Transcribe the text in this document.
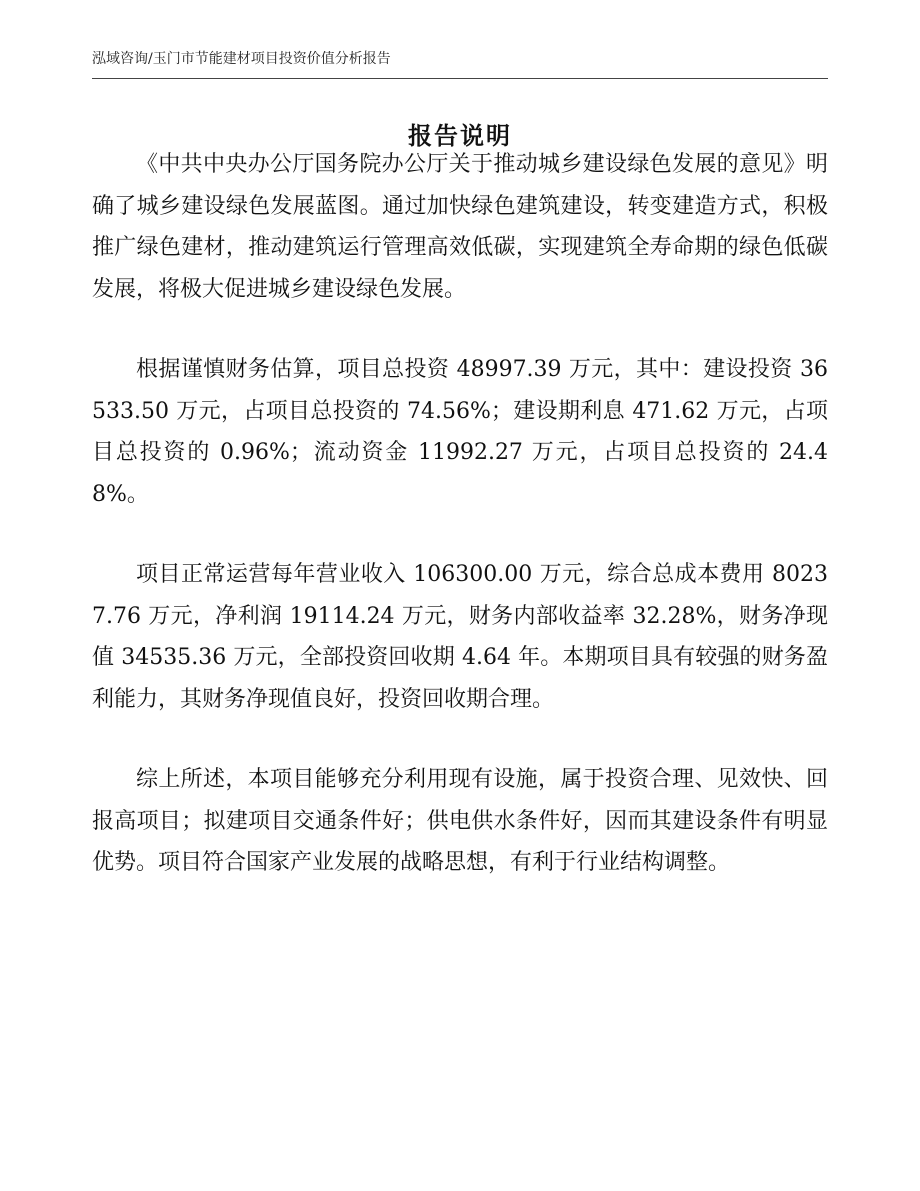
泓域咨询/玉门市节能建材项目投资价值分析报告
报告说明

《中共中央办公厅国务院办公厅关于推动城乡建设绿色发展的意见》明确了城乡建设绿色发展蓝图。通过加快绿色建筑建设，转变建造方式，积极推广绿色建材，推动建筑运行管理高效低碳，实现建筑全寿命期的绿色低碳发展，将极大促进城乡建设绿色发展。

根据谨慎财务估算，项目总投资 48997.39 万元，其中：建设投资 36533.50 万元，占项目总投资的 74.56%；建设期利息 471.62 万元，占项目总投资的 0.96%；流动资金 11992.27 万元，占项目总投资的 24.48%。

项目正常运营每年营业收入 106300.00 万元，综合总成本费用 80237.76 万元，净利润 19114.24 万元，财务内部收益率 32.28%，财务净现值 34535.36 万元，全部投资回收期 4.64 年。本期项目具有较强的财务盈利能力，其财务净现值良好，投资回收期合理。

综上所述，本项目能够充分利用现有设施，属于投资合理、见效快、回报高项目；拟建项目交通条件好；供电供水条件好，因而其建设条件有明显优势。项目符合国家产业发展的战略思想，有利于行业结构调整。
